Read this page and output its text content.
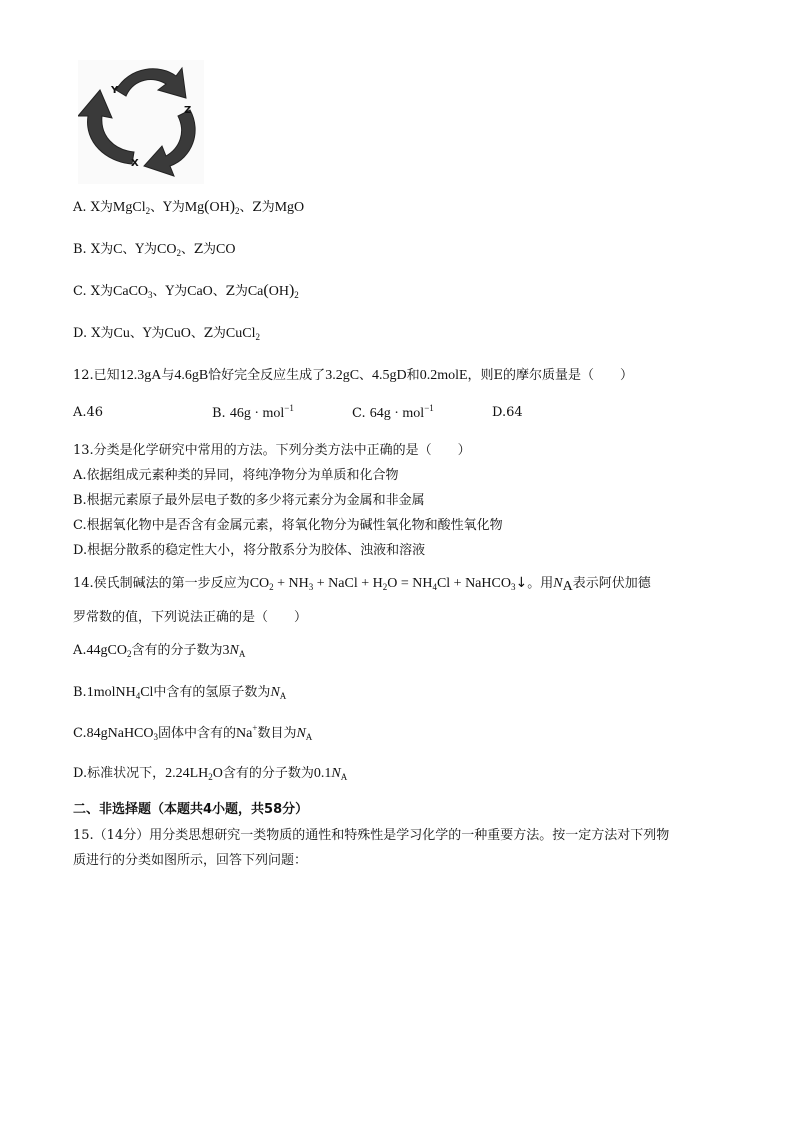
Y
Z
X
A. X为MgCl$_2$、Y为$Mg(OH)_2$、Z为MgO
B. X为C、Y为$CO_2$、Z为CO
C. X为CaCO$_3$、Y为CaO、Z为$Ca(OH)_2$
D. X为Cu、Y为CuO、Z为CuCl$_2$
12.已知12.3gA与4.6gB恰好完全反应生成了3.2gC、4.5gD和0.2molE，则E的摩尔质量是（　　）
A.46	B. 46g · mol$^{-1}$	C. 64g · mol$^{-1}$	D.64
13.分类是化学研究中常用的方法。下列分类方法中正确的是（　　）
A.依据组成元素种类的异同，将纯净物分为单质和化合物
B.根据元素原子最外层电子数的多少将元素分为金属和非金属
C.根据氧化物中是否含有金属元素，将氧化物分为碱性氧化物和酸性氧化物
D.根据分散系的稳定性大小，将分散系分为胶体、浊液和溶液
14.侯氏制碱法的第一步反应为$CO_2 + NH_3$ + NaCl + $H_2O = NH_4Cl$ + NaHCO$_3$↓。用$N_A$表示阿伏加德
罗常数的值，下列说法正确的是（　　）
A.44gCO$_2$含有的分子数为$3N_A$
B.1molNH$_4$Cl中含有的氢原子数为$N_A$
C.84gNaHCO$_3$固体中含有的Na+数目为$N_A$
D.标准状况下，$2.24LH_2O$含有的分子数为$0.1N_A$
二、非选择题（本题共4小题，共58分）
15.（14分）用分类思想研究一类物质的通性和特殊性是学习化学的一种重要方法。按一定方法对下列物
质进行的分类如图所示，回答下列问题：
